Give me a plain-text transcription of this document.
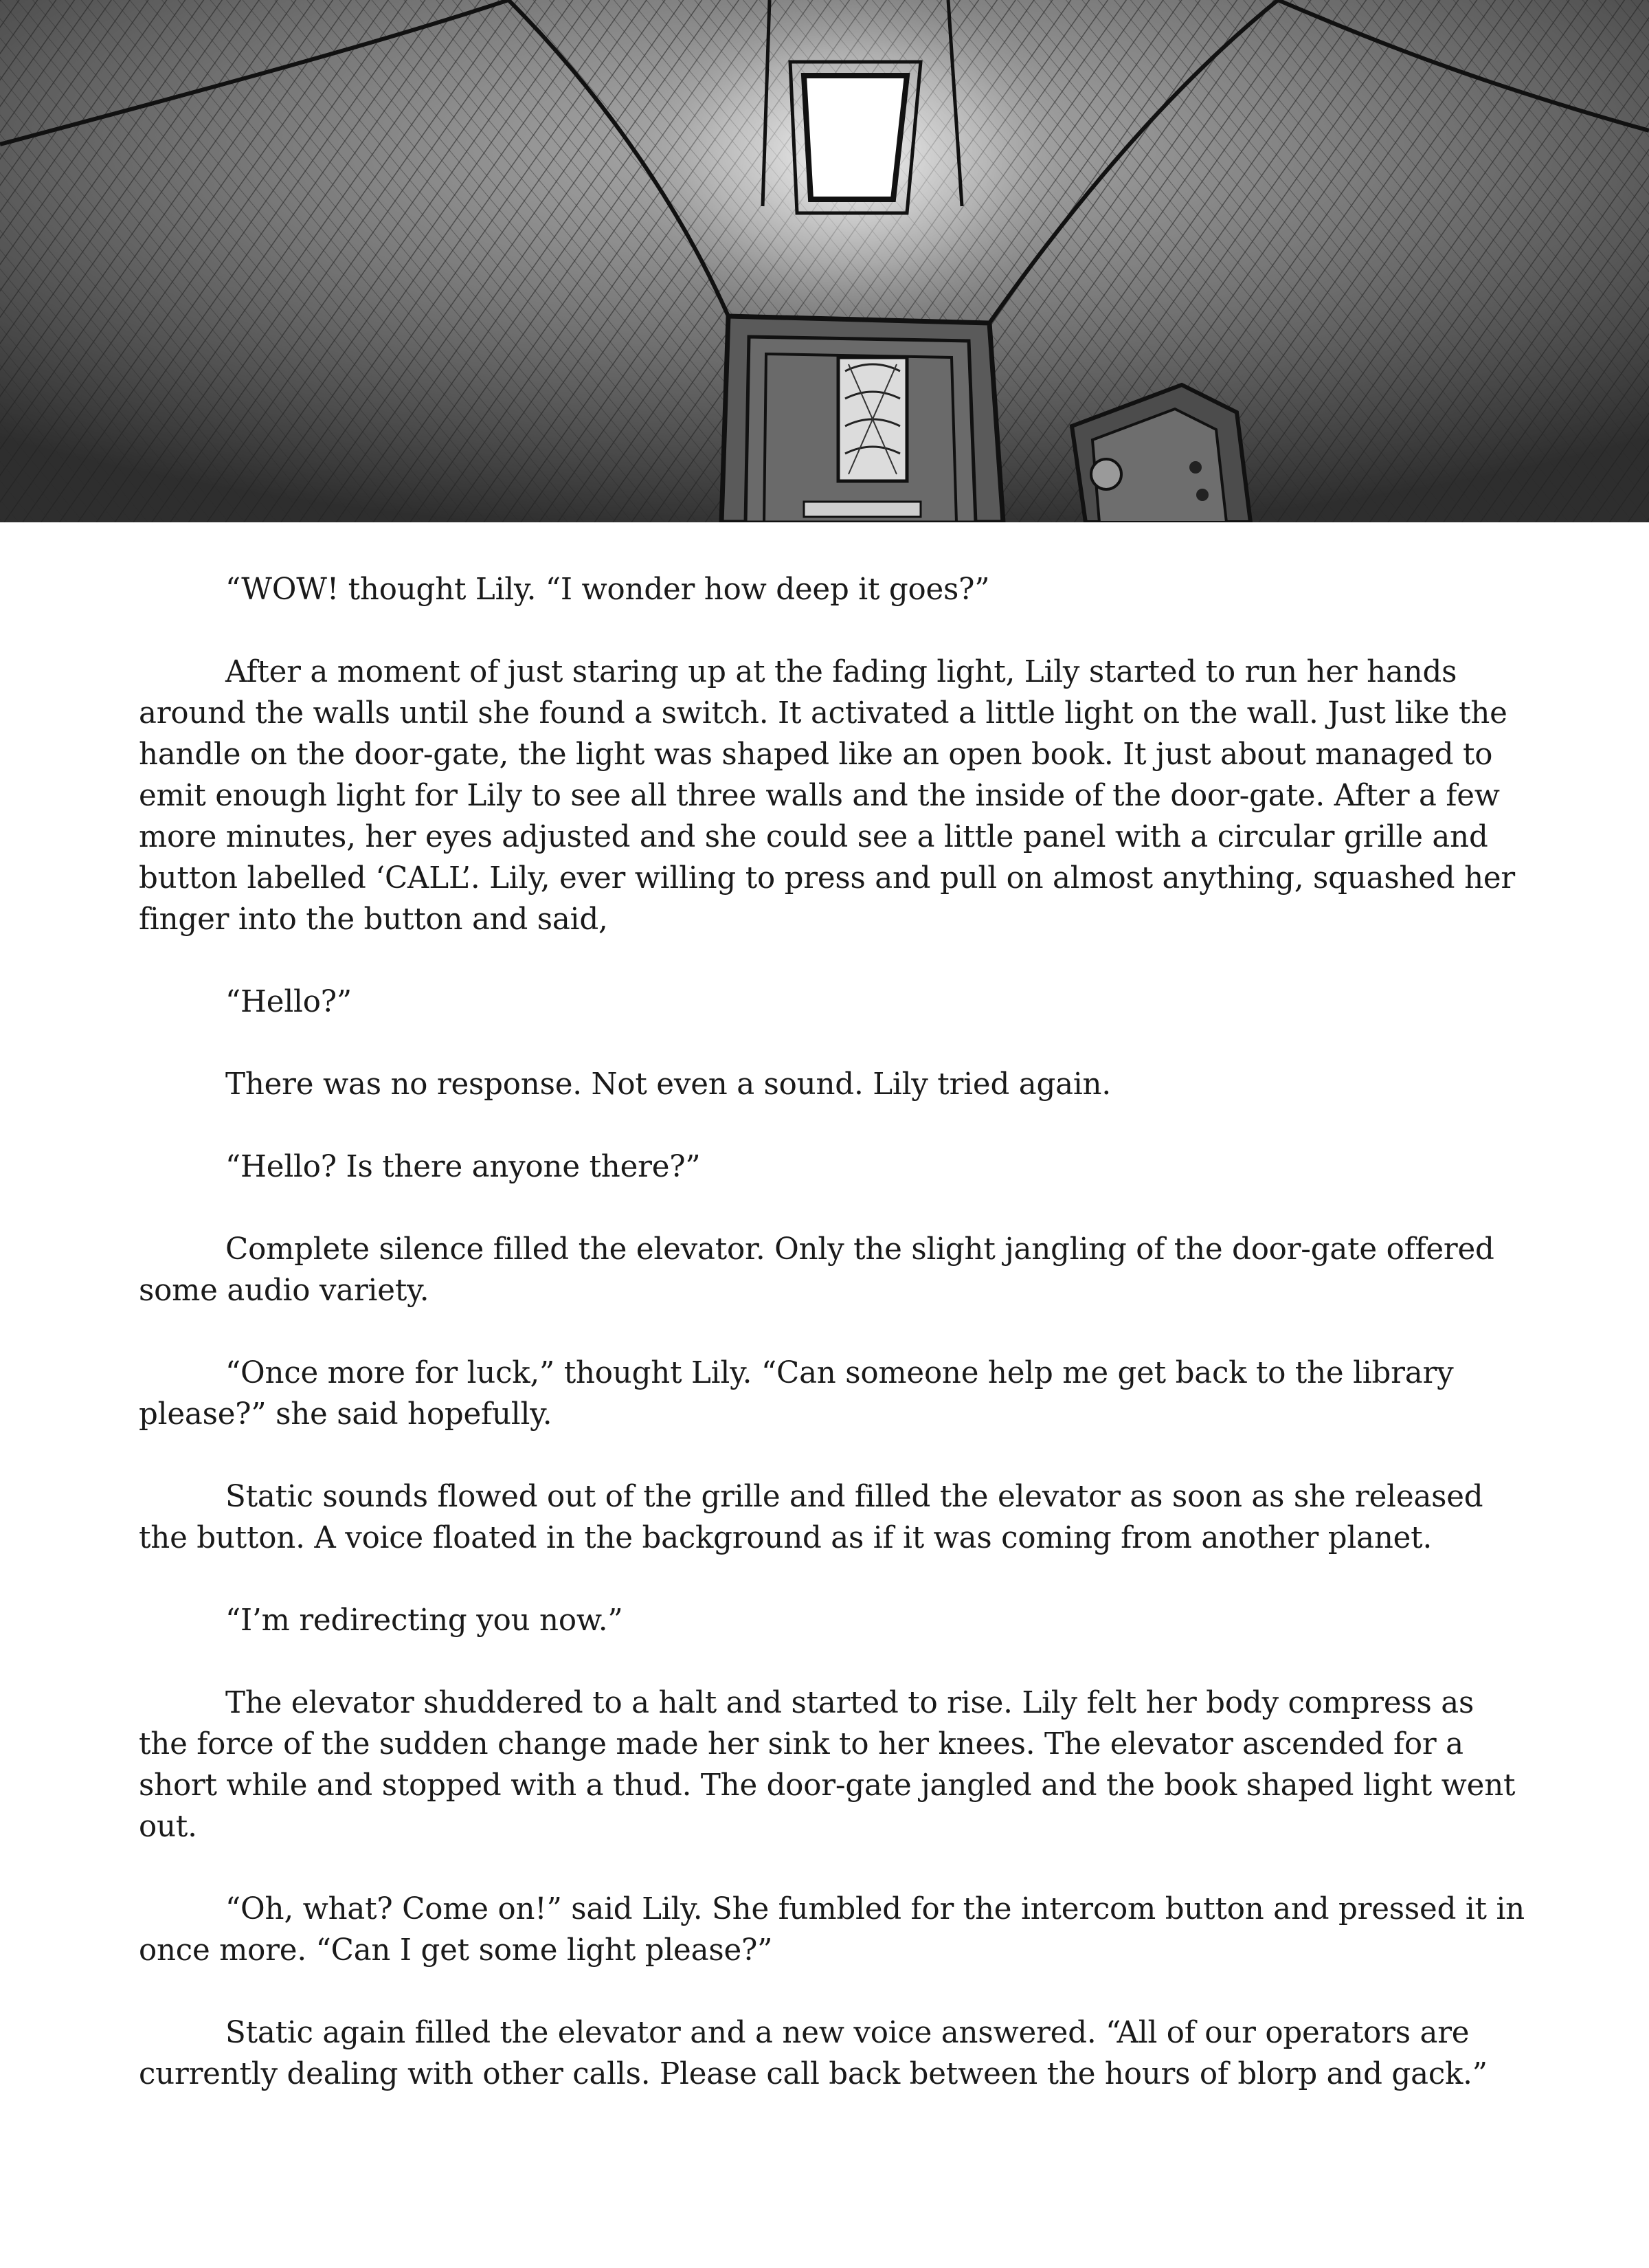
“WOW! thought Lily. “I wonder how deep it goes?”

After a moment of just staring up at the fading light, Lily started to run her hands around the walls until she found a switch. It activated a little light on the wall. Just like the handle on the door-gate, the light was shaped like an open book. It just about managed to emit enough light for Lily to see all three walls and the inside of the door-gate. After a few more minutes, her eyes adjusted and she could see a little panel with a circular grille and button labelled ‘CALL’. Lily, ever willing to press and pull on almost anything, squashed her finger into the button and said,

“Hello?”

There was no response. Not even a sound. Lily tried again.

“Hello? Is there anyone there?”

Complete silence filled the elevator. Only the slight jangling of the door-gate offered some audio variety.

“Once more for luck,” thought Lily. “Can someone help me get back to the library please?” she said hopefully.

Static sounds flowed out of the grille and filled the elevator as soon as she released the button. A voice floated in the background as if it was coming from another planet.

“I’m redirecting you now.”

The elevator shuddered to a halt and started to rise. Lily felt her body compress as the force of the sudden change made her sink to her knees. The elevator ascended for a short while and stopped with a thud. The door-gate jangled and the book shaped light went out.

“Oh, what? Come on!” said Lily. She fumbled for the intercom button and pressed it in once more. “Can I get some light please?”

Static again filled the elevator and a new voice answered. “All of our operators are currently dealing with other calls. Please call back between the hours of blorp and gack.”
